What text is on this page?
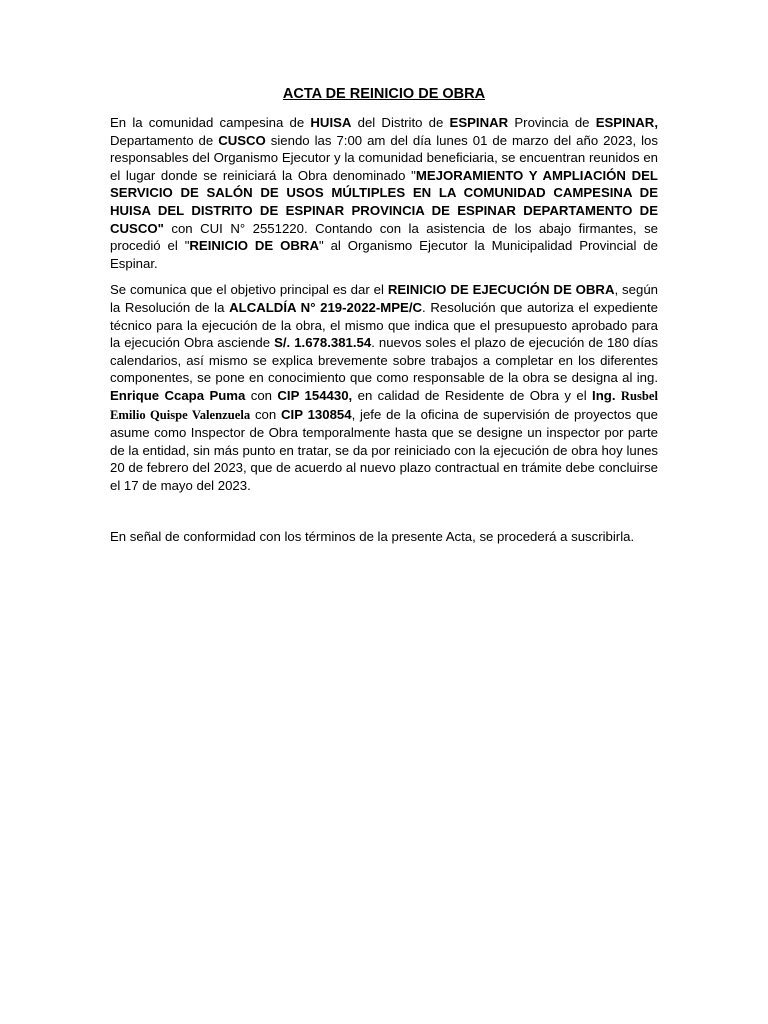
ACTA DE REINICIO DE OBRA

En la comunidad campesina de HUISA del Distrito de ESPINAR Provincia de ESPINAR, Departamento de CUSCO siendo las 7:00 am del día lunes 01 de marzo del año 2023, los responsables del Organismo Ejecutor y la comunidad beneficiaria, se encuentran reunidos en el lugar donde se reiniciará la Obra denominado "MEJORAMIENTO Y AMPLIACIÓN DEL SERVICIO DE SALÓN DE USOS MÚLTIPLES EN LA COMUNIDAD CAMPESINA DE HUISA DEL DISTRITO DE ESPINAR PROVINCIA DE ESPINAR DEPARTAMENTO DE CUSCO" con CUI N° 2551220. Contando con la asistencia de los abajo firmantes, se procedió el "REINICIO DE OBRA" al Organismo Ejecutor la Municipalidad Provincial de Espinar.

Se comunica que el objetivo principal es dar el REINICIO DE EJECUCIÓN DE OBRA, según la Resolución de la ALCALDÍA N° 219-2022-MPE/C. Resolución que autoriza el expediente técnico para la ejecución de la obra, el mismo que indica que el presupuesto aprobado para la ejecución Obra asciende S/. 1.678.381.54. nuevos soles el plazo de ejecución de 180 días calendarios, así mismo se explica brevemente sobre trabajos a completar en los diferentes componentes, se pone en conocimiento que como responsable de la obra se designa al ing. Enrique Ccapa Puma con CIP 154430, en calidad de Residente de Obra y el Ing. Rusbel Emilio Quispe Valenzuela con CIP 130854, jefe de la oficina de supervisión de proyectos que asume como Inspector de Obra temporalmente hasta que se designe un inspector por parte de la entidad, sin más punto en tratar, se da por reiniciado con la ejecución de obra hoy lunes 20 de febrero del 2023, que de acuerdo al nuevo plazo contractual en trámite debe concluirse el 17 de mayo del 2023.

En señal de conformidad con los términos de la presente Acta, se procederá a suscribirla.
